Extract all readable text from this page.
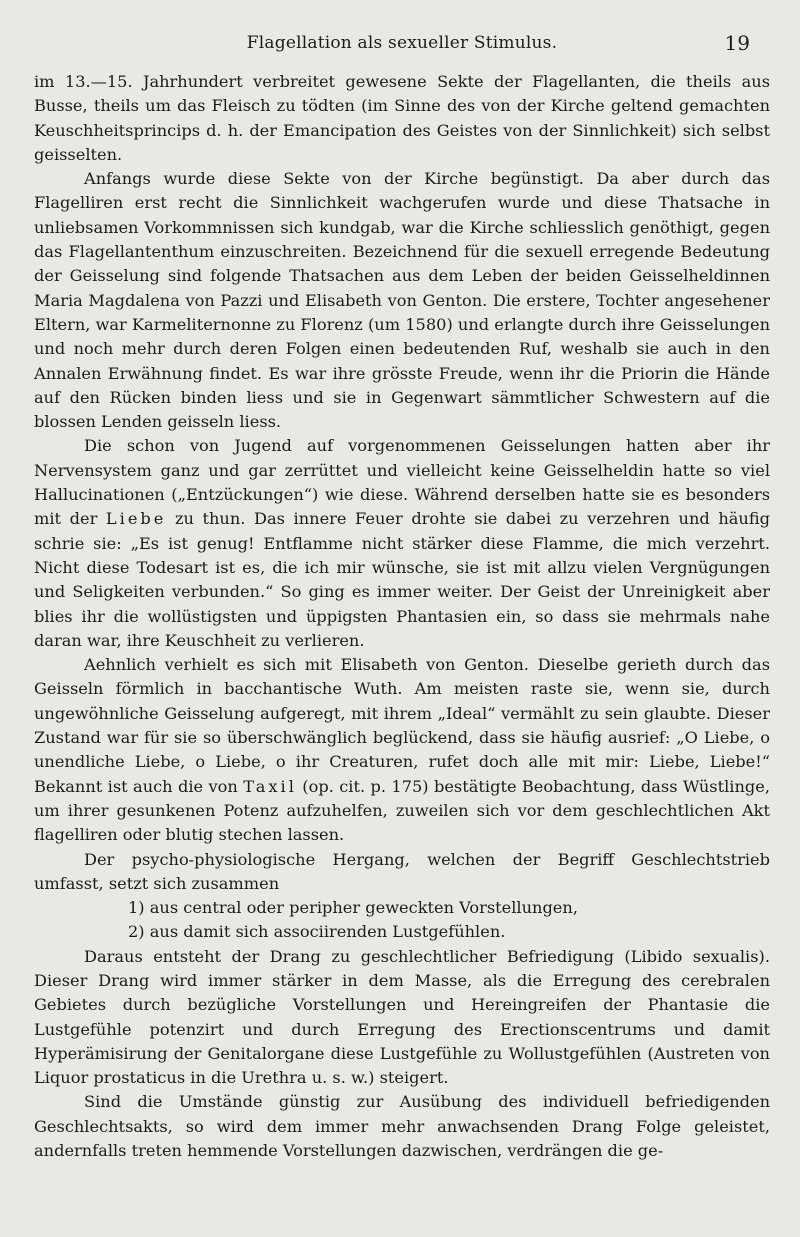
Flagellation als sexueller Stimulus.	19

im 13.—15. Jahrhundert verbreitet gewesene Sekte der Flagellanten, die theils aus Busse, theils um das Fleisch zu tödten (im Sinne des von der Kirche geltend gemachten Keuschheitsprincips d. h. der Emancipation des Geistes von der Sinnlichkeit) sich selbst geisselten.

Anfangs wurde diese Sekte von der Kirche begünstigt. Da aber durch das Flagelliren erst recht die Sinnlichkeit wachgerufen wurde und diese Thatsache in unliebsamen Vorkommnissen sich kundgab, war die Kirche schliesslich genöthigt, gegen das Flagellantenthum einzuschreiten. Bezeichnend für die sexuell erregende Bedeutung der Geisselung sind folgende Thatsachen aus dem Leben der beiden Geisselheldinnen Maria Magdalena von Pazzi und Elisabeth von Genton. Die erstere, Tochter angesehener Eltern, war Karmeliternonne zu Florenz (um 1580) und erlangte durch ihre Geisselungen und noch mehr durch deren Folgen einen bedeutenden Ruf, weshalb sie auch in den Annalen Erwähnung findet. Es war ihre grösste Freude, wenn ihr die Priorin die Hände auf den Rücken binden liess und sie in Gegenwart sämmtlicher Schwestern auf die blossen Lenden geisseln liess.

Die schon von Jugend auf vorgenommenen Geisselungen hatten aber ihr Nervensystem ganz und gar zerrüttet und vielleicht keine Geisselheldin hatte so viel Hallucinationen („Entzückungen“) wie diese. Während derselben hatte sie es besonders mit der Liebe zu thun. Das innere Feuer drohte sie dabei zu verzehren und häufig schrie sie: „Es ist genug! Entflamme nicht stärker diese Flamme, die mich verzehrt. Nicht diese Todesart ist es, die ich mir wünsche, sie ist mit allzu vielen Vergnügungen und Seligkeiten verbunden.“ So ging es immer weiter. Der Geist der Unreinigkeit aber blies ihr die wollüstigsten und üppigsten Phantasien ein, so dass sie mehrmals nahe daran war, ihre Keuschheit zu verlieren.

Aehnlich verhielt es sich mit Elisabeth von Genton. Dieselbe gerieth durch das Geisseln förmlich in bacchantische Wuth. Am meisten raste sie, wenn sie, durch ungewöhnliche Geisselung aufgeregt, mit ihrem „Ideal“ vermählt zu sein glaubte. Dieser Zustand war für sie so überschwänglich beglückend, dass sie häufig ausrief: „O Liebe, o unendliche Liebe, o Liebe, o ihr Creaturen, rufet doch alle mit mir: Liebe, Liebe!“ Bekannt ist auch die von Taxil (op. cit. p. 175) bestätigte Beobachtung, dass Wüstlinge, um ihrer gesunkenen Potenz aufzuhelfen, zuweilen sich vor dem geschlechtlichen Akt flagelliren oder blutig stechen lassen.

Der psycho-physiologische Hergang, welchen der Begriff Geschlechtstrieb umfasst, setzt sich zusammen

1) aus central oder peripher geweckten Vorstellungen,

2) aus damit sich associirenden Lustgefühlen.

Daraus entsteht der Drang zu geschlechtlicher Befriedigung (Libido sexualis). Dieser Drang wird immer stärker in dem Masse, als die Erregung des cerebralen Gebietes durch bezügliche Vorstellungen und Hereingreifen der Phantasie die Lustgefühle potenzirt und durch Erregung des Erectionscentrums und damit Hyperämisirung der Genitalorgane diese Lustgefühle zu Wollustgefühlen (Austreten von Liquor prostaticus in die Urethra u. s. w.) steigert.

Sind die Umstände günstig zur Ausübung des individuell befriedigenden Geschlechtsakts, so wird dem immer mehr anwachsenden Drang Folge geleistet, andernfalls treten hemmende Vorstellungen dazwischen, verdrängen die ge-
